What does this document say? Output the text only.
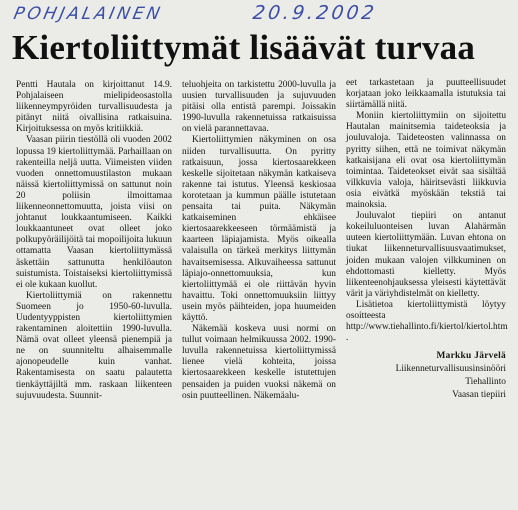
POHJALAINEN	20.9.2002
Kiertoliittymät lisäävät turvaa

Pentti Hautala on kirjoittanut 14.9. Pohjalaiseen mielipideosastolla liikenneympyröiden turvallisuudesta ja pitänyt niitä oivallisina ratkaisuina. Kirjoituksessa on myös kritiikkiä.

Vaasan piirin tiestöllä oli vuoden 2002 lopussa 19 kiertoliittymää. Parhaillaan on rakenteilla neljä uutta. Viimeisten viiden vuoden onnettomuustilaston mukaan näissä kiertoliittymissä on sattunut noin 20 poliisin ilmoittamaa liikenneonnettomuutta, joista viisi on johtanut loukkaantumiseen. Kaikki loukkaantuneet ovat olleet joko polkupyöräilijöitä tai mopoilijoita lukuun ottamatta Vaasan kiertoliittymässä äskettäin sattunutta henkilöauton suistumista. Toistaiseksi kiertoliittymissä ei ole kukaan kuollut.

Kiertoliittymiä on rakennettu Suomeen jo 1950-60-luvulla. Uudentyyppisten kiertoliittymien rakentaminen aloitettiin 1990-luvulla. Nämä ovat olleet yleensä pienempiä ja ne on suunniteltu alhaisemmalle ajonopeudelle kuin vanhat. Rakentamisesta on saatu palautetta tienkäyttäjiltä mm. raskaan liikenteen sujuvuudesta. Suunnit-

teluohjeita on tarkistettu 2000-luvulla ja uusien turvallisuuden ja sujuvuuden pitäisi olla entistä parempi. Joissakin 1990-luvulla rakennetuissa ratkaisuissa on vielä parannettavaa.

Kiertoliittymien näkyminen on osa niiden turvallisuutta. On pyritty ratkaisuun, jossa kiertosaarekkeen keskelle sijoitetaan näkymän katkaiseva rakenne tai istutus. Yleensä keskiosaa korotetaan ja kummun päälle istutetaan pensaita tai puita. Näkymän katkaiseminen ehkäisee kiertosaarekkeeseen törmäämistä ja kaarteen läpiajamista. Myös oikealla valaisulla on tärkeä merkitys liittymän havaitsemisessa. Alkuvaiheessa sattunut läpiajo-onnettomuuksia, kun kiertoliittymää ei ole riittävän hyvin havaittu. Toki onnettomuuksiin liittyy usein myös päihteiden, jopa huumeiden käyttö.

Näkemää koskeva uusi normi on tullut voimaan helmikuussa 2002. 1990-luvulla rakennetuissa kiertoliittymissä lienee vielä kohteita, joissa kiertosaarekkeen keskelle istutettujen pensaiden ja puiden vuoksi näkemä on osin puutteellinen. Näkemäalu-

eet tarkastetaan ja puutteellisuudet korjataan joko leikkaamalla istutuksia tai siirtämällä niitä.

Moniin kiertoliittymiin on sijoitettu Hautalan mainitsemia taideteoksia ja jouluvaloja. Taideteosten valinnassa on pyritty siihen, että ne toimivat näkymän katkaisijana eli ovat osa kiertoliittymän toimintaa. Taideteokset eivät saa sisältää vilkkuvia valoja, häiritsevästi liikkuvia osia eivätkä myöskään tekstiä tai mainoksia.

Jouluvalot tiepiiri on antanut kokeiluluonteisen luvan Alahärmän uuteen kiertoliittymään. Luvan ehtona on tiukat liikenneturvallisuusvaatimukset, joiden mukaan valojen vilkkuminen on ehdottomasti kielletty. Myös liikenteenohjauksessa yleisesti käytettävät värit ja väriyhdistelmät on kielletty.

Lisätietoa kiertoliittymistä löytyy osoitteesta http://www.tiehallinto.fi/kiertol/kiertol.htm .

Markku Järvelä
Liikenneturvallisuusinsinööri
Tiehallinto
Vaasan tiepiiri
